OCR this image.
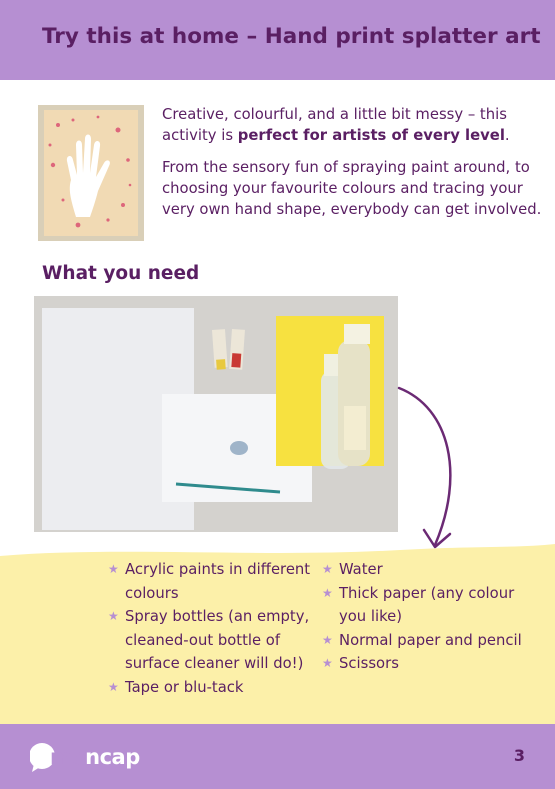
Try this at home – Hand print splatter art

Creative, colourful, and a little bit messy – this activity is perfect for artists of every level.

From the sensory fun of spraying paint around, to choosing your favourite colours and tracing your very own hand shape, everybody can get involved.

What you need
★ Acrylic paints in different colours
★ Spray bottles (an empty, cleaned-out bottle of surface cleaner will do!)
★ Tape or blu-tack
★ Water
★ Thick paper (any colour you like)
★ Normal paper and pencil
★ Scissors
mencap	3
